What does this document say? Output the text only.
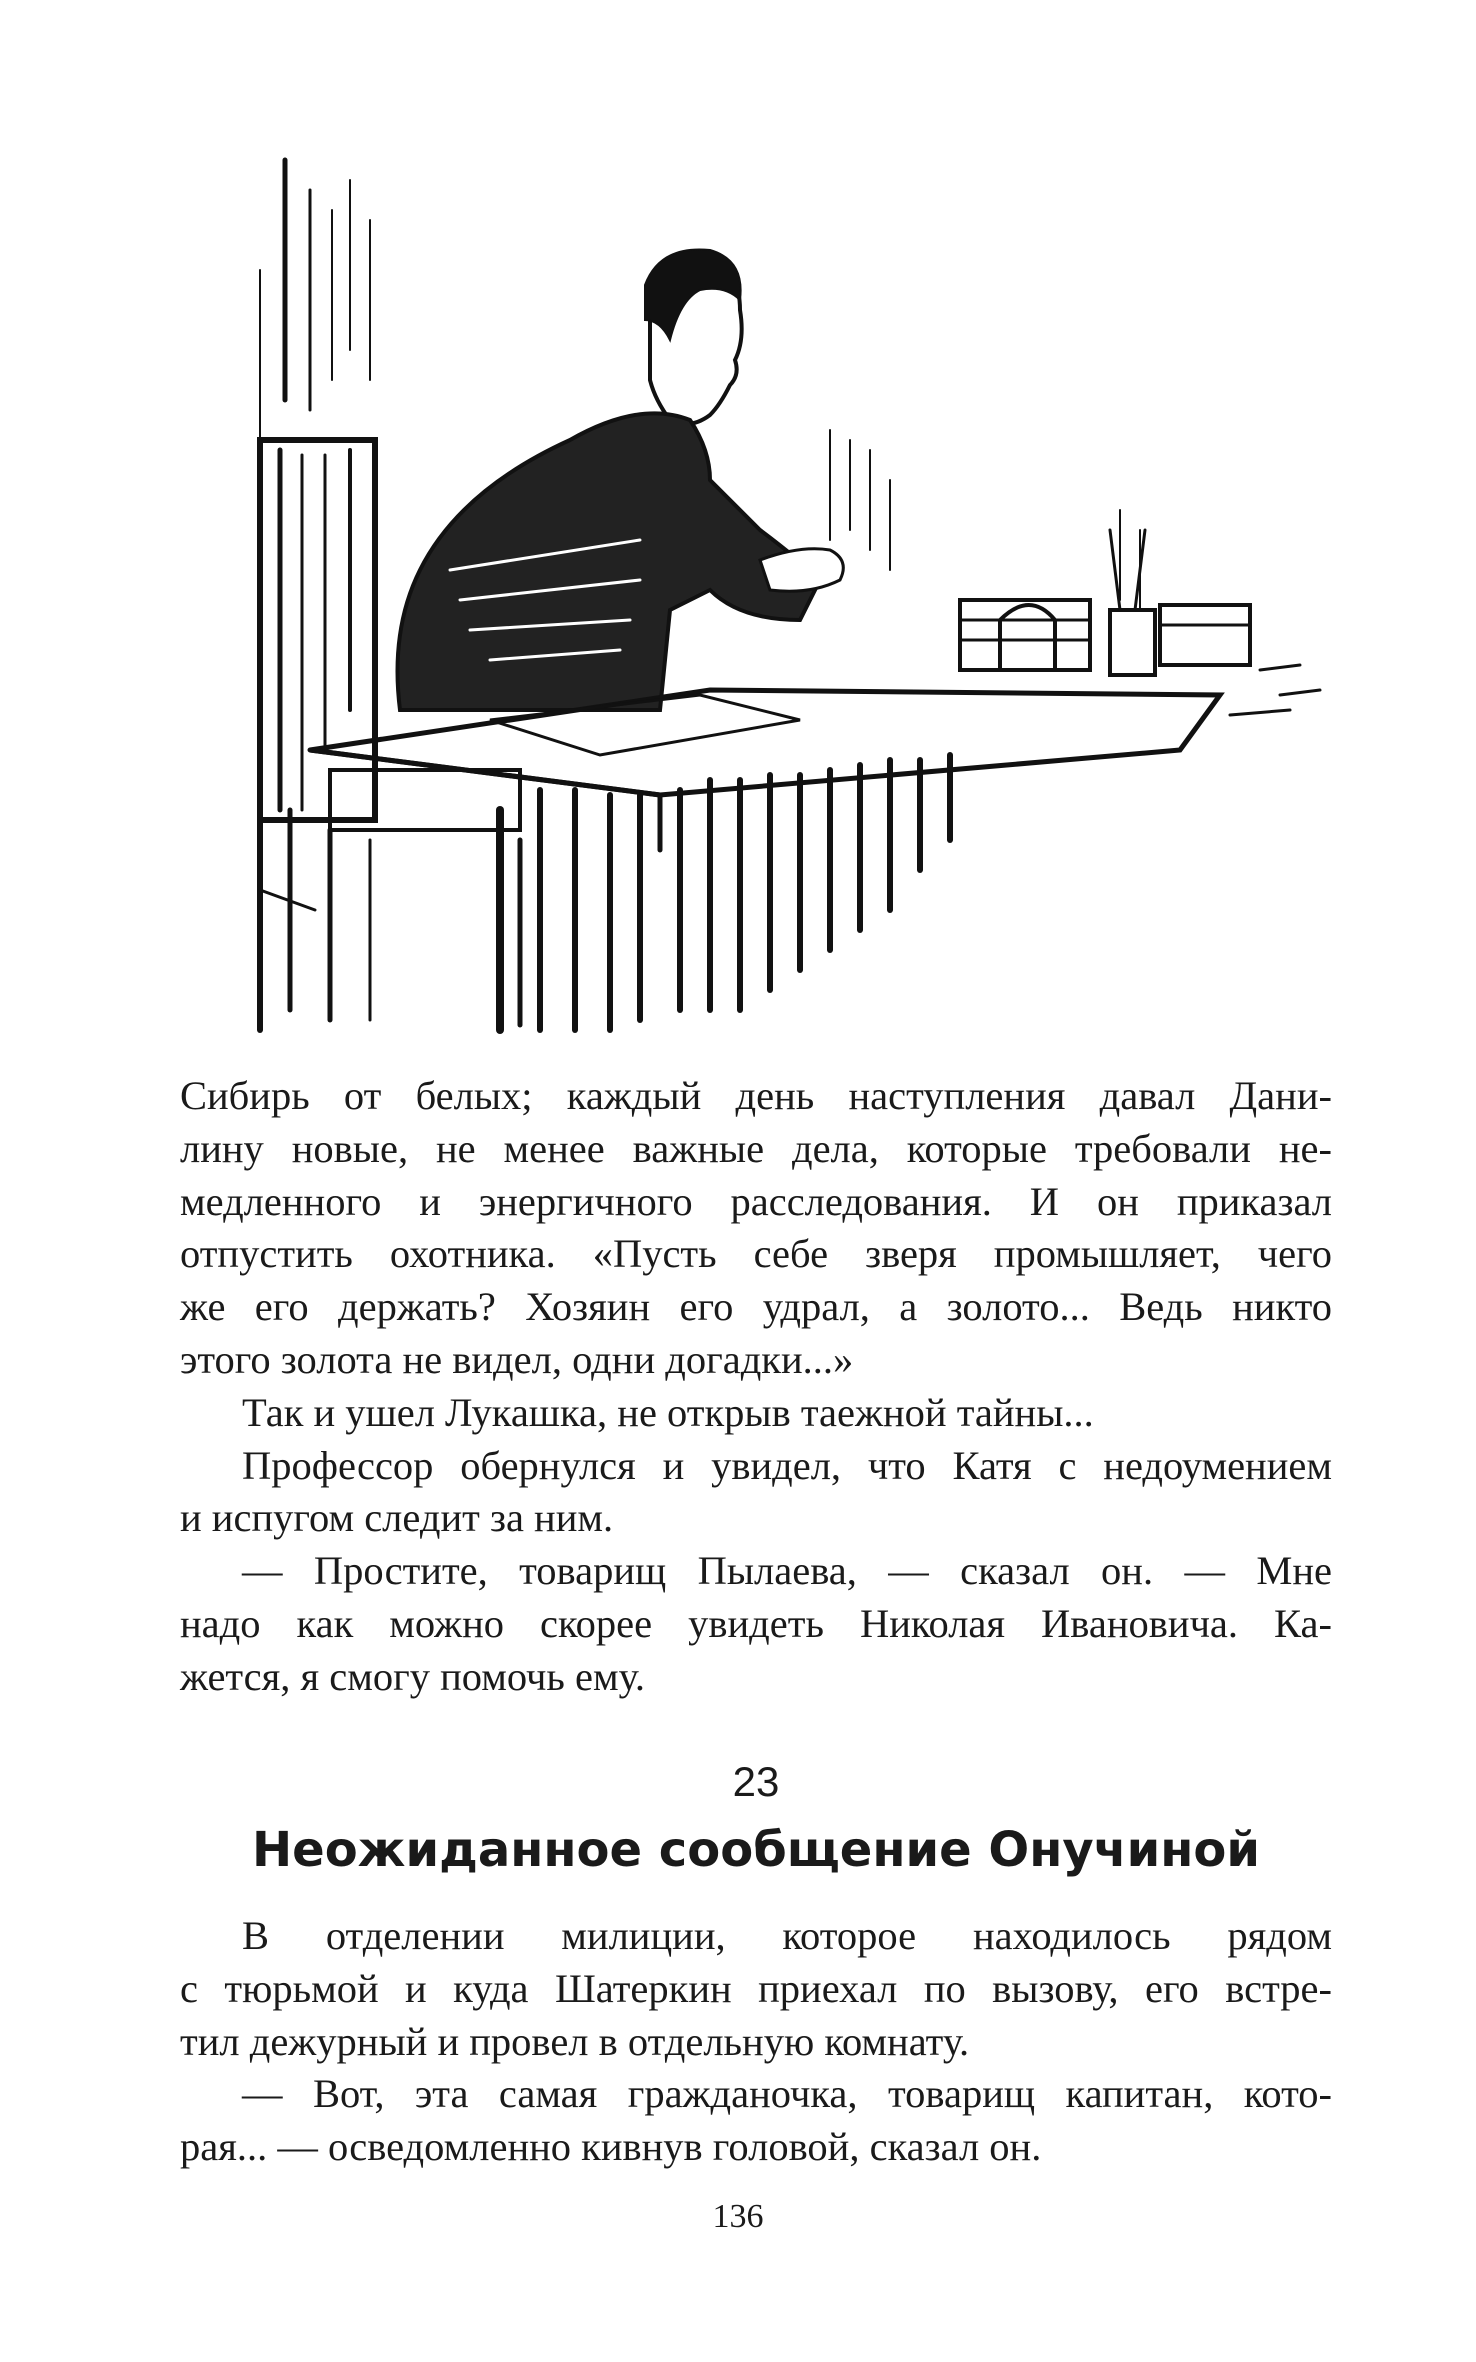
Сибирь от белых; каждый день наступления давал Дани-
лину новые, не менее важные дела, которые требовали не-
медленного и энергичного расследования. И он приказал
отпустить охотника. «Пусть себе зверя промышляет, чего
же его держать? Хозяин его удрал, а золото... Ведь никто
этого золота не видел, одни догадки...»
Так и ушел Лукашка, не открыв таежной тайны...
Профессор обернулся и увидел, что Катя с недоумением
и испугом следит за ним.
— Простите, товарищ Пылаева, — сказал он. — Мне
надо как можно скорее увидеть Николая Ивановича. Ка-
жется, я смогу помочь ему.
23
Неожиданное сообщение Онучиной
В отделении милиции, которое находилось рядом
с тюрьмой и куда Шатеркин приехал по вызову, его встре-
тил дежурный и провел в отдельную комнату.
— Вот, эта самая гражданочка, товарищ капитан, кото-
рая... — осведомленно кивнув головой, сказал он.
136
